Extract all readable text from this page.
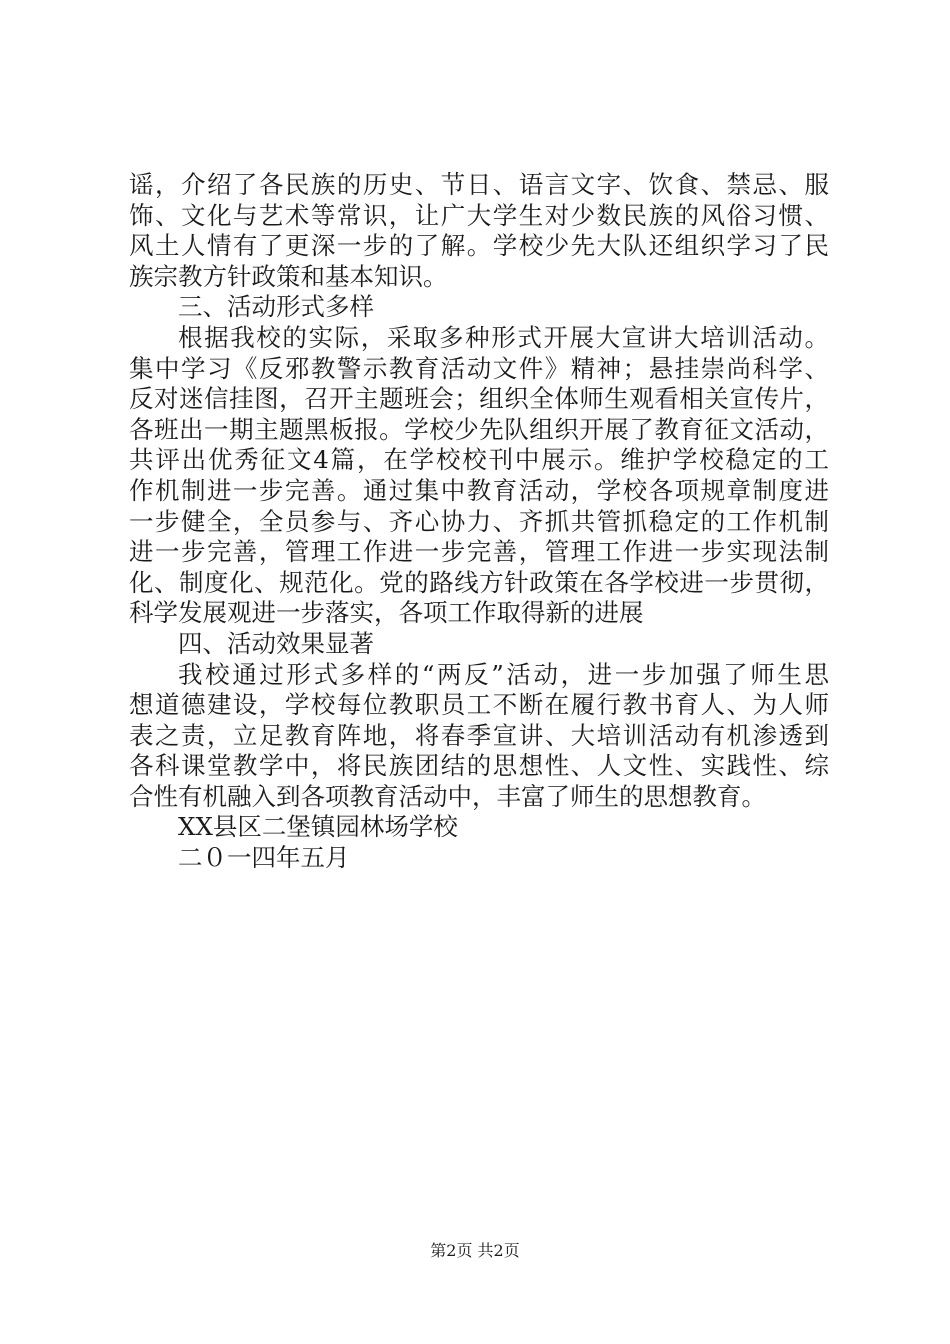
谣，介绍了各民族的历史、节日、语言文字、饮食、禁忌、服
饰、文化与艺术等常识，让广大学生对少数民族的风俗习惯、
风土人情有了更深一步的了解。学校少先大队还组织学习了民
族宗教方针政策和基本知识。
三、活动形式多样
根据我校的实际，采取多种形式开展大宣讲大培训活动。
集中学习《反邪教警示教育活动文件》精神；悬挂崇尚科学、
反对迷信挂图，召开主题班会；组织全体师生观看相关宣传片，
各班出一期主题黑板报。学校少先队组织开展了教育征文活动，
共评出优秀征文4篇，在学校校刊中展示。维护学校稳定的工
作机制进一步完善。通过集中教育活动，学校各项规章制度进
一步健全，全员参与、齐心协力、齐抓共管抓稳定的工作机制
进一步完善，管理工作进一步完善，管理工作进一步实现法制
化、制度化、规范化。党的路线方针政策在各学校进一步贯彻，
科学发展观进一步落实，各项工作取得新的进展
四、活动效果显著
我校通过形式多样的“两反”活动，进一步加强了师生思
想道德建设，学校每位教职员工不断在履行教书育人、为人师
表之责，立足教育阵地，将春季宣讲、大培训活动有机渗透到
各科课堂教学中，将民族团结的思想性、人文性、实践性、综
合性有机融入到各项教育活动中，丰富了师生的思想教育。
XX县区二堡镇园林场学校
二０一四年五月
第2页 共2页
